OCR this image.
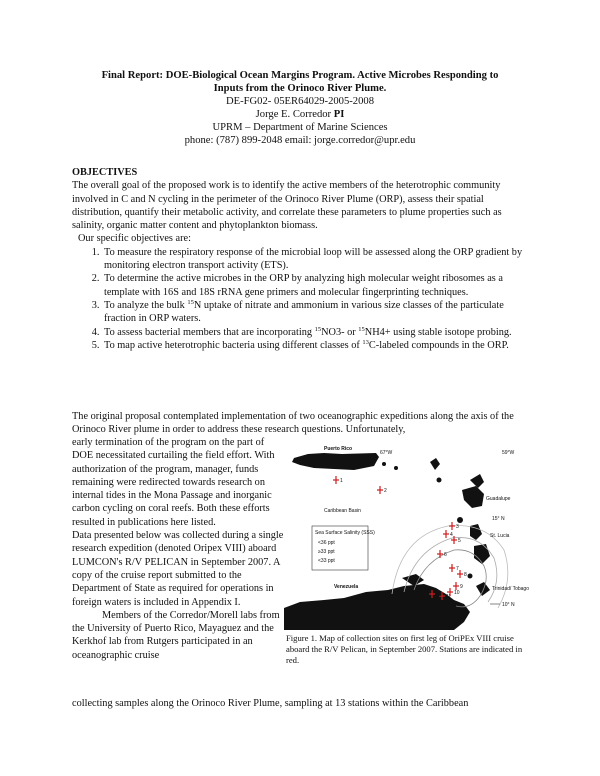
Final Report: DOE-Biological Ocean Margins Program. Active Microbes Responding to
Inputs from the Orinoco River Plume.
DE-FG02- 05ER64029-2005-2008
Jorge E. Corredor PI
UPRM – Department of Marine Sciences
phone: (787) 899-2048 email: jorge.corredor@upr.edu
OBJECTIVES
The overall goal of the proposed work is to identify the active members of the heterotrophic community involved in C and N cycling in the perimeter of the Orinoco River Plume (ORP), assess their spatial distribution, quantify their metabolic activity, and correlate these parameters to plume properties such as salinity, organic matter content and phytoplankton biomass.
Our specific objectives are:
1. To measure the respiratory response of the microbial loop will be assessed along the ORP gradient by monitoring electron transport activity (ETS).
2. To determine the active microbes in the ORP by analyzing high molecular weight ribosomes as a template with 16S and 18S rRNA gene primers and molecular fingerprinting techniques.
3. To analyze the bulk $^{15}$N uptake of nitrate and ammonium in various size classes of the particulate fraction in ORP waters.
4. To assess bacterial members that are incorporating $^{15}$NO3- or $^{15}$NH4+ using stable isotope probing.
5. To map active heterotrophic bacteria using different classes of $^{13}$C-labeled compounds in the ORP.
The original proposal contemplated implementation of two oceanographic expeditions along the axis of the Orinoco River plume in order to address these research questions. Unfortunately,
early termination of the program on the part of DOE necessitated curtailing the field effort. With authorization of the program, manager, funds remaining were redirected towards research on internal tides in the Mona Passage and inorganic carbon cycling on coral reefs. Both these efforts resulted in publications here listed.
Data presented below was collected during a single research expedition (denoted Oripex VIII) aboard LUMCON's R/V PELICAN in September 2007. A copy of the cruise report submitted to the Department of State as required for operations in foreign waters is included in Appendix I.
Members of the Corredor/Morell labs from the University of Puerto Rico, Mayaguez and the Kerkhof lab from Rutgers participated in an oceanographic cruise
collecting samples along the Orinoco River Plume, sampling at 13 stations within the Caribbean
Sea Surface Salinity (SSS)
<36 ppt
≥33 ppt
<33 ppt
Puerto Rico
67°W	59°W
Guadalupe
Caribbean Basin
15° N
St. Lucia
Venezuela	Trinidad/ Tobago
10° N
1
2
3
4
5
6
7
8
9
10
11
12
Figure 1. Map of collection sites on first leg of OriPEx VIII cruise aboard the R/V Pelican, in September 2007. Stations are indicated in red.
